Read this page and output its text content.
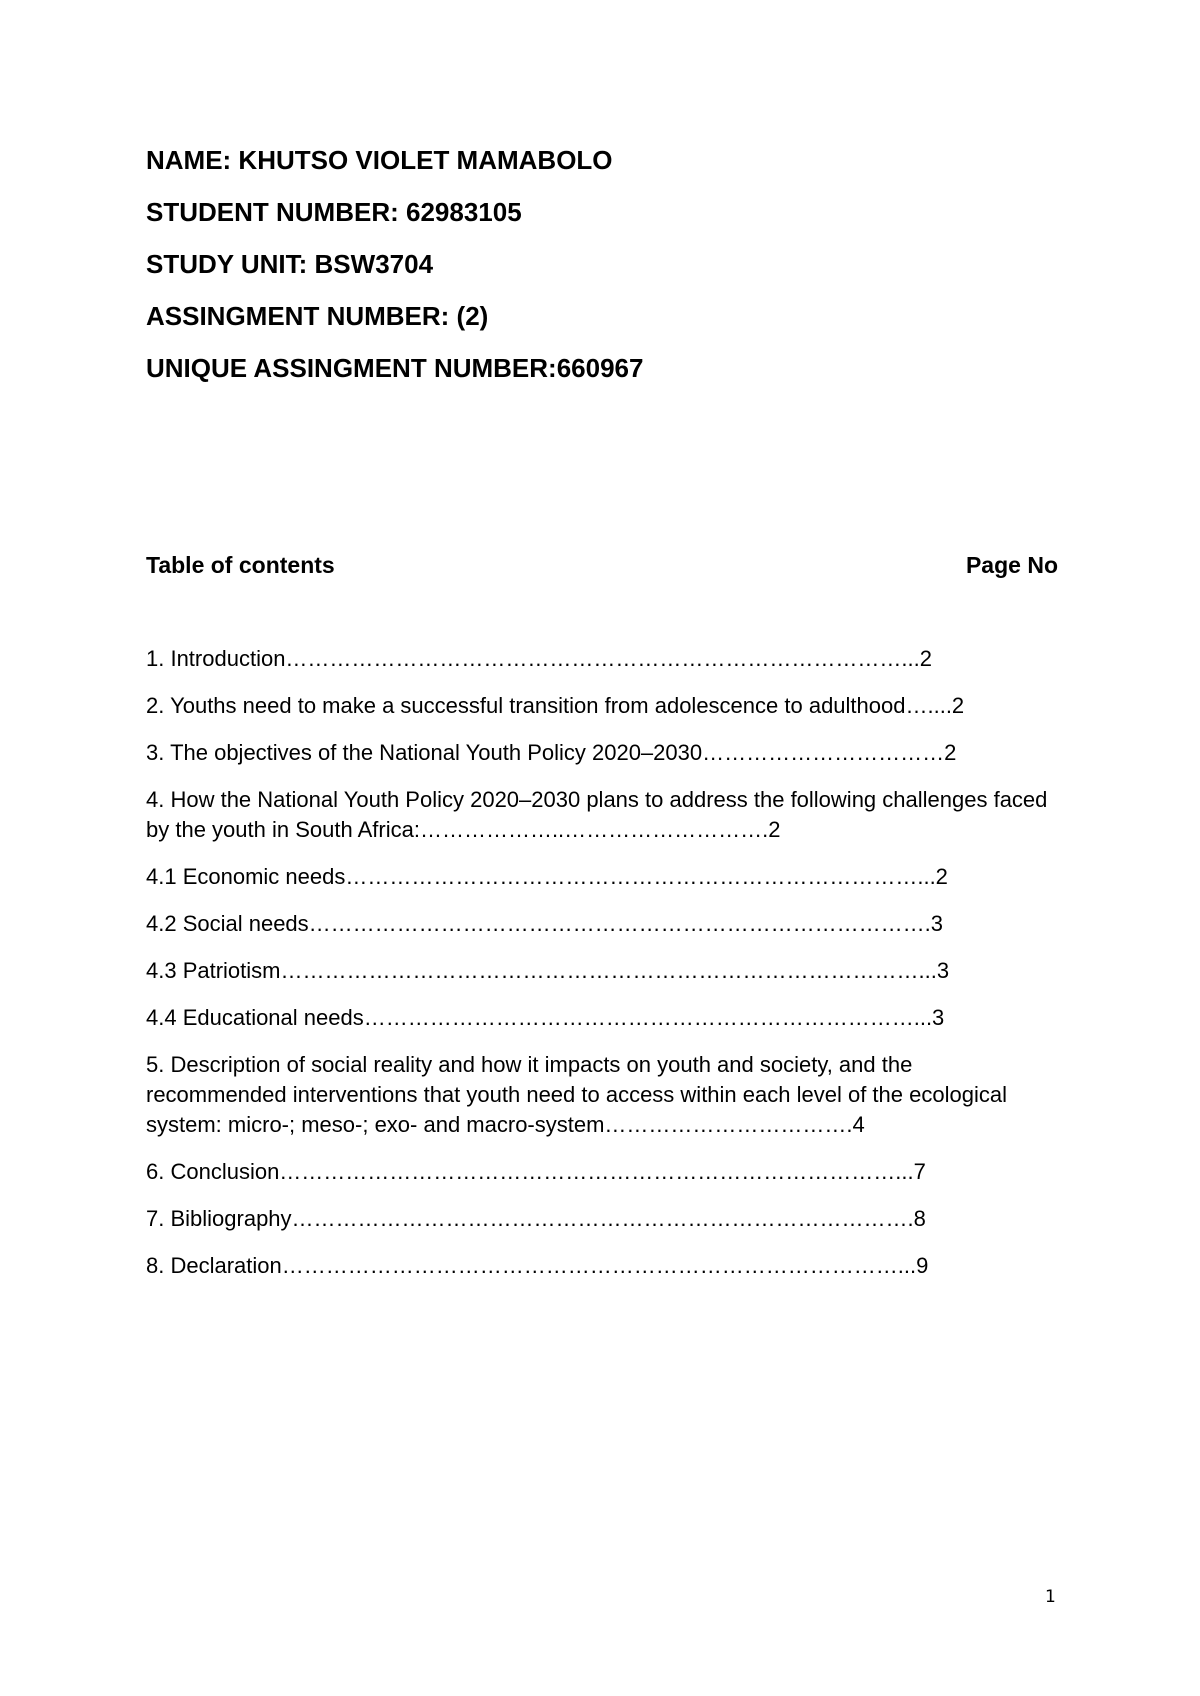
NAME: KHUTSO VIOLET MAMABOLO
STUDENT NUMBER: 62983105
STUDY UNIT: BSW3704
ASSINGMENT NUMBER: (2)
UNIQUE ASSINGMENT NUMBER:660967
Table of contents	Page No
1. Introduction…………………………………………………………………………...2
2. Youths need to make a successful transition from adolescence to adulthood…....2
3. The objectives of the National Youth Policy 2020–2030……………………………2
4. How the National Youth Policy 2020–2030 plans to address the following challenges faced by the youth in South Africa:………………..……………………….2
4.1 Economic needs……………………………………………………………………...2
4.2 Social needs………………………………………………………………………….3
4.3 Patriotism……………………………………………………………………………...3
4.4 Educational needs…………………………………………………………………...3
5. Description of social reality and how it impacts on youth and society, and the recommended interventions that youth need to access within each level of the ecological system: micro-; meso-; exo- and macro-system…………………………….4
6. Conclusion…………………………………………………………………………...7
7. Bibliography………………………………………………………………………….8
8. Declaration…………………………………………………………………………...9
1
